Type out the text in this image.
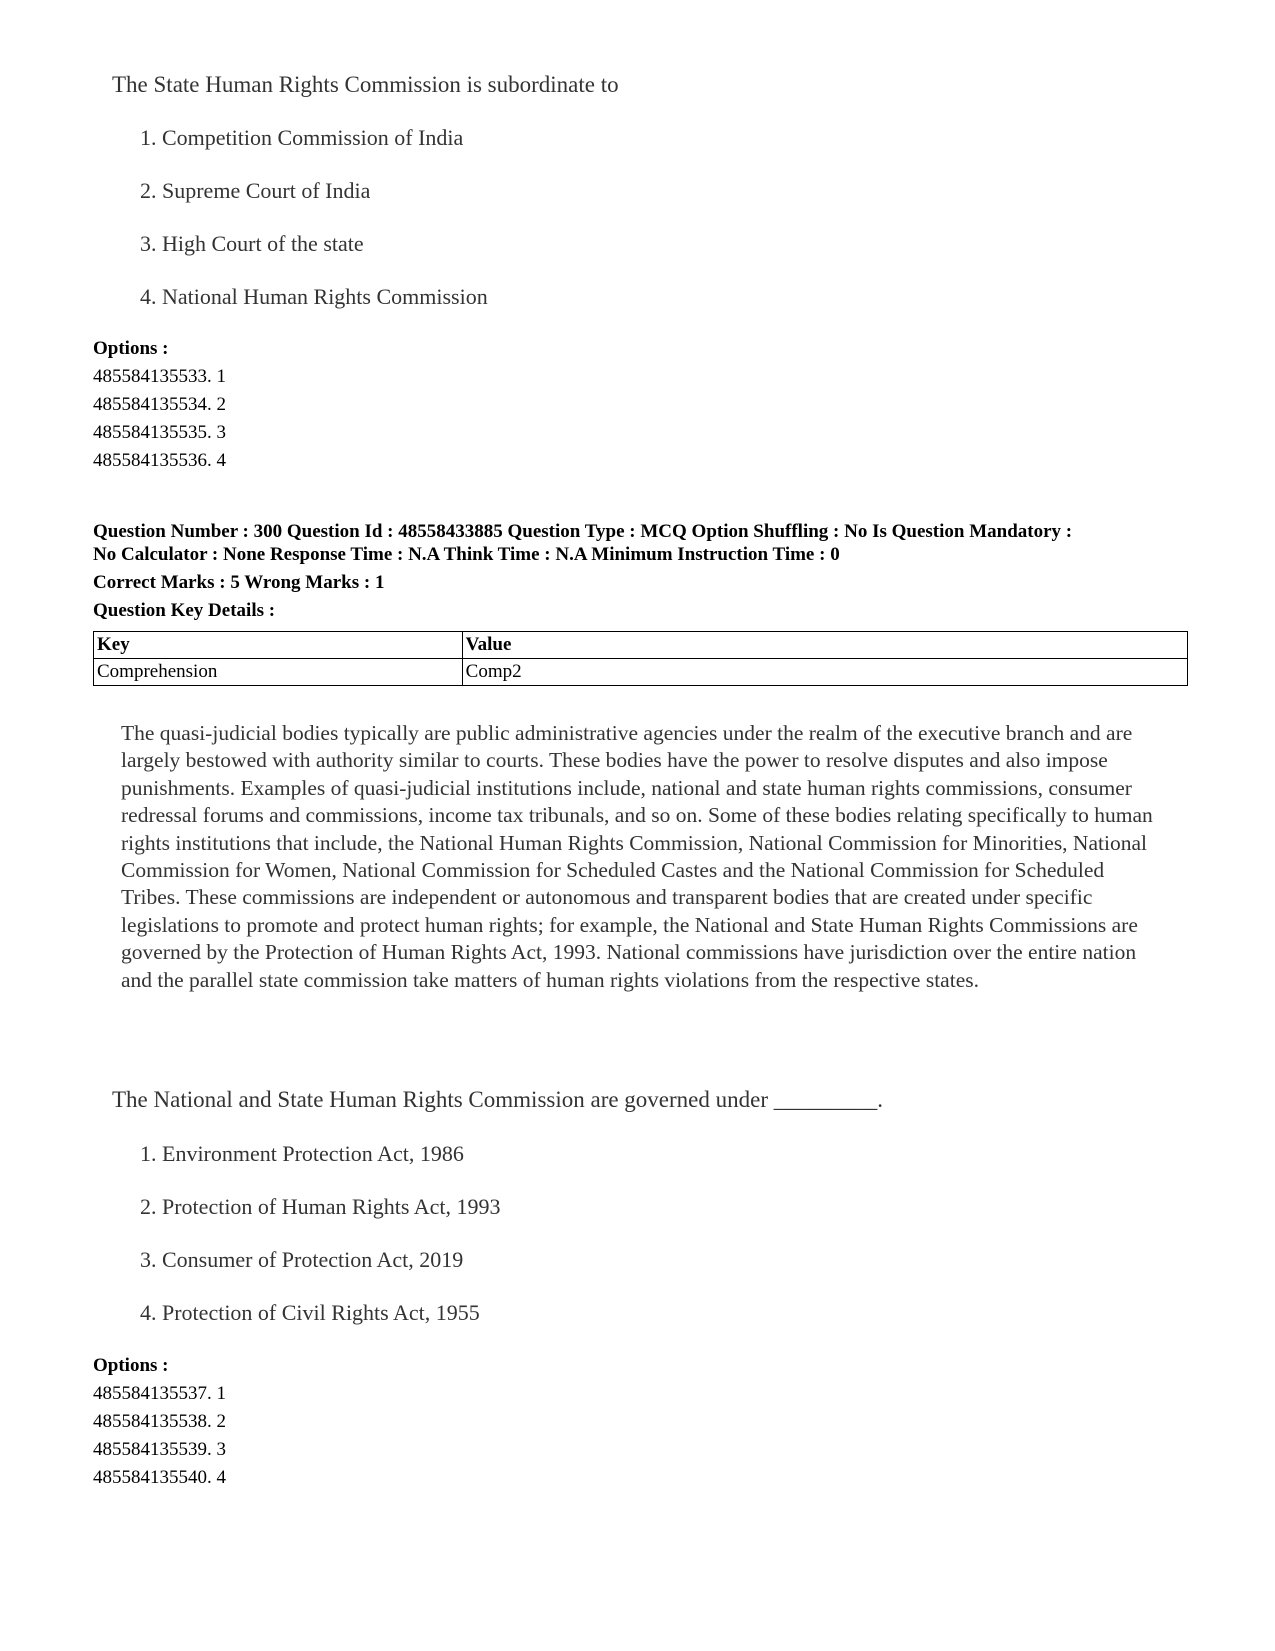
The State Human Rights Commission is subordinate to
1. Competition Commission of India
2. Supreme Court of India
3. High Court of the state
4. National Human Rights Commission
Options :
485584135533. 1
485584135534. 2
485584135535. 3
485584135536. 4
Question Number : 300 Question Id : 48558433885 Question Type : MCQ Option Shuffling : No Is Question Mandatory :
No Calculator : None Response Time : N.A Think Time : N.A Minimum Instruction Time : 0
Correct Marks : 5 Wrong Marks : 1
Question Key Details :
Key	Value
Comprehension	Comp2
The quasi-judicial bodies typically are public administrative agencies under the realm of the executive branch and are largely bestowed with authority similar to courts. These bodies have the power to resolve disputes and also impose punishments. Examples of quasi-judicial institutions include, national and state human rights commissions, consumer redressal forums and commissions, income tax tribunals, and so on. Some of these bodies relating specifically to human rights institutions that include, the National Human Rights Commission, National Commission for Minorities, National Commission for Women, National Commission for Scheduled Castes and the National Commission for Scheduled Tribes. These commissions are independent or autonomous and transparent bodies that are created under specific legislations to promote and protect human rights; for example, the National and State Human Rights Commissions are governed by the Protection of Human Rights Act, 1993. National commissions have jurisdiction over the entire nation and the parallel state commission take matters of human rights violations from the respective states.
The National and State Human Rights Commission are governed under _________.
1. Environment Protection Act, 1986
2. Protection of Human Rights Act, 1993
3. Consumer of Protection Act, 2019
4. Protection of Civil Rights Act, 1955
Options :
485584135537. 1
485584135538. 2
485584135539. 3
485584135540. 4
